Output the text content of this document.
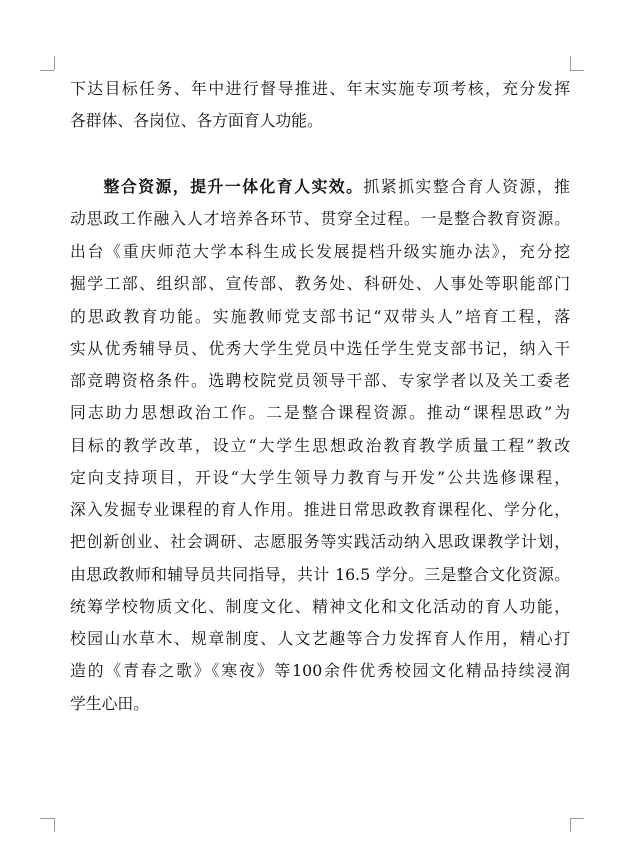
下达目标任务、年中进行督导推进、年末实施专项考核，充分发挥
各群体、各岗位、各方面育人功能。
整合资源，提升一体化育人实效。抓紧抓实整合育人资源，推
动思政工作融入人才培养各环节、贯穿全过程。一是整合教育资源。
出台《重庆师范大学本科生成长发展提档升级实施办法》，充分挖
掘学工部、组织部、宣传部、教务处、科研处、人事处等职能部门
的思政教育功能。实施教师党支部书记“双带头人”培育工程，落
实从优秀辅导员、优秀大学生党员中选任学生党支部书记，纳入干
部竞聘资格条件。选聘校院党员领导干部、专家学者以及关工委老
同志助力思想政治工作。二是整合课程资源。推动“课程思政”为
目标的教学改革，设立“大学生思想政治教育教学质量工程”教改
定向支持项目，开设“大学生领导力教育与开发”公共选修课程，
深入发掘专业课程的育人作用。推进日常思政教育课程化、学分化，
把创新创业、社会调研、志愿服务等实践活动纳入思政课教学计划，
由思政教师和辅导员共同指导，共计 16.5 学分。三是整合文化资源。
统筹学校物质文化、制度文化、精神文化和文化活动的育人功能，
校园山水草木、规章制度、人文艺趣等合力发挥育人作用，精心打
造的《青春之歌》《寒夜》等100余件优秀校园文化精品持续浸润
学生心田。
